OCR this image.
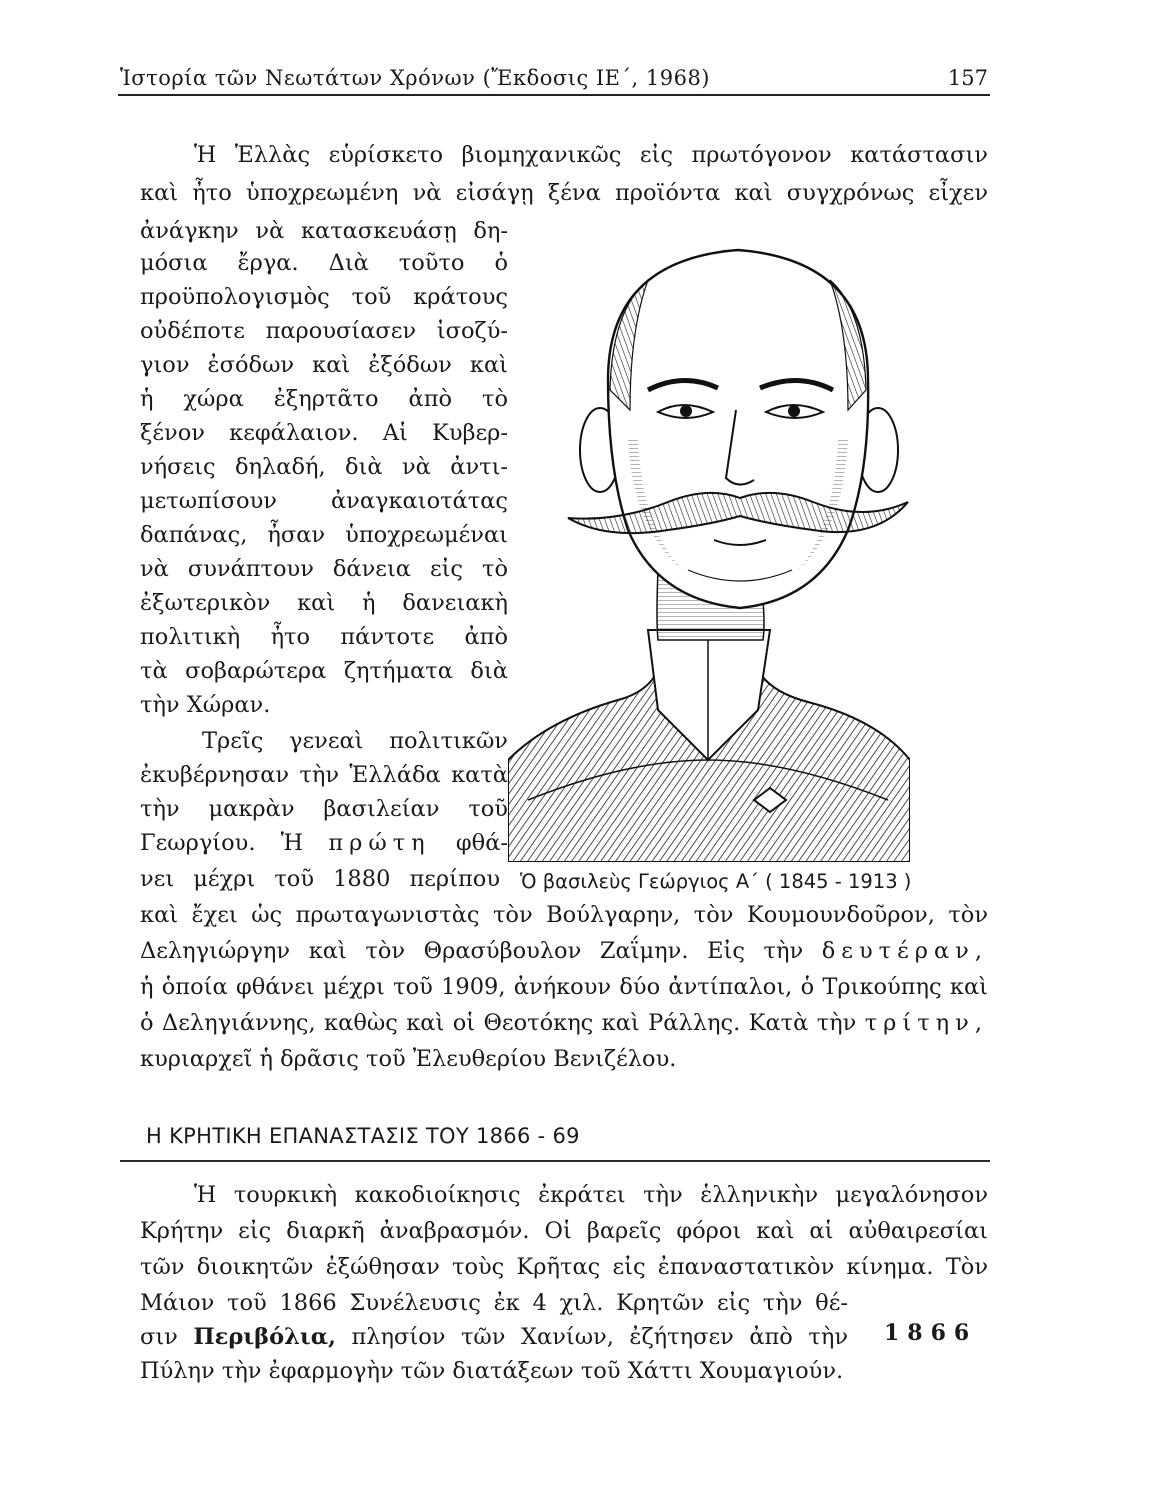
Ἱστορία τῶν Νεωτάτων Χρόνων (Ἔκδοσις ΙΕ΄, 1968)	157
Ἡ Ἑλλὰς εὑρίσκετο βιομηχανικῶς εἰς πρωτόγονον κατάστασιν
καὶ ἦτο ὑποχρεωμένη νὰ εἰσάγῃ ξένα προϊόντα καὶ συγχρόνως εἶχεν
ἀνάγκην νὰ κατασκευάσῃ δη-
μόσια ἔργα. Διὰ τοῦτο ὁ
προϋπολογισμὸς τοῦ κράτους
οὐδέποτε παρουσίασεν ἰσοζύ-
γιον ἐσόδων καὶ ἐξόδων καὶ
ἡ χώρα ἐξηρτᾶτο ἀπὸ τὸ
ξένον κεφάλαιον. Αἱ Κυβερ-
νήσεις δηλαδή, διὰ νὰ ἀντι-
μετωπίσουν ἀναγκαιοτάτας
δαπάνας, ἦσαν ὑποχρεωμέναι
νὰ συνάπτουν δάνεια εἰς τὸ
ἐξωτερικὸν καὶ ἡ δανειακὴ
πολιτικὴ ἦτο πάντοτε ἀπὸ
τὰ σοβαρώτερα ζητήματα διὰ
τὴν Χώραν.
Τρεῖς γενεαὶ πολιτικῶν
ἐκυβέρνησαν τὴν Ἑλλάδα κατὰ
τὴν μακρὰν βασιλείαν τοῦ
Γεωργίου. Ἡ πρώτη φθά-
νει μέχρι τοῦ 1880 περίπου
καὶ ἔχει ὡς πρωταγωνιστὰς τὸν Βούλγαρην, τὸν Κουμουνδοῦρον, τὸν
Δεληγιώργην καὶ τὸν Θρασύβουλον Ζαΐμην. Εἰς τὴν δευτέραν,
ἡ ὁποία φθάνει μέχρι τοῦ 1909, ἀνήκουν δύο ἀντίπαλοι, ὁ Τρικούπης καὶ
ὁ Δεληγιάννης, καθὼς καὶ οἱ Θεοτόκης καὶ Ράλλης. Κατὰ τὴν τρίτην,
κυριαρχεῖ ἡ δρᾶσις τοῦ Ἐλευθερίου Βενιζέλου.
Ὁ βασιλεὺς Γεώργιος Α΄ ( 1845 - 1913 )
Η ΚΡΗΤΙΚΗ ΕΠΑΝΑΣΤΑΣΙΣ ΤΟΥ 1866 - 69
Ἡ τουρκικὴ κακοδιοίκησις ἐκράτει τὴν ἑλληνικὴν μεγαλόνησον
Κρήτην εἰς διαρκῆ ἀναβρασμόν. Οἱ βαρεῖς φόροι καὶ αἱ αὐθαιρεσίαι
τῶν διοικητῶν ἐξώθησαν τοὺς Κρῆτας εἰς ἐπαναστατικὸν κίνημα. Τὸν
Μάιον τοῦ 1866 Συνέλευσις ἐκ 4 χιλ. Κρητῶν εἰς τὴν θέ-
σιν Περιβόλια, πλησίον τῶν Χανίων, ἐζήτησεν ἀπὸ τὴν
Πύλην τὴν ἐφαρμογὴν τῶν διατάξεων τοῦ Χάττι Χουμαγιούν.
1866
